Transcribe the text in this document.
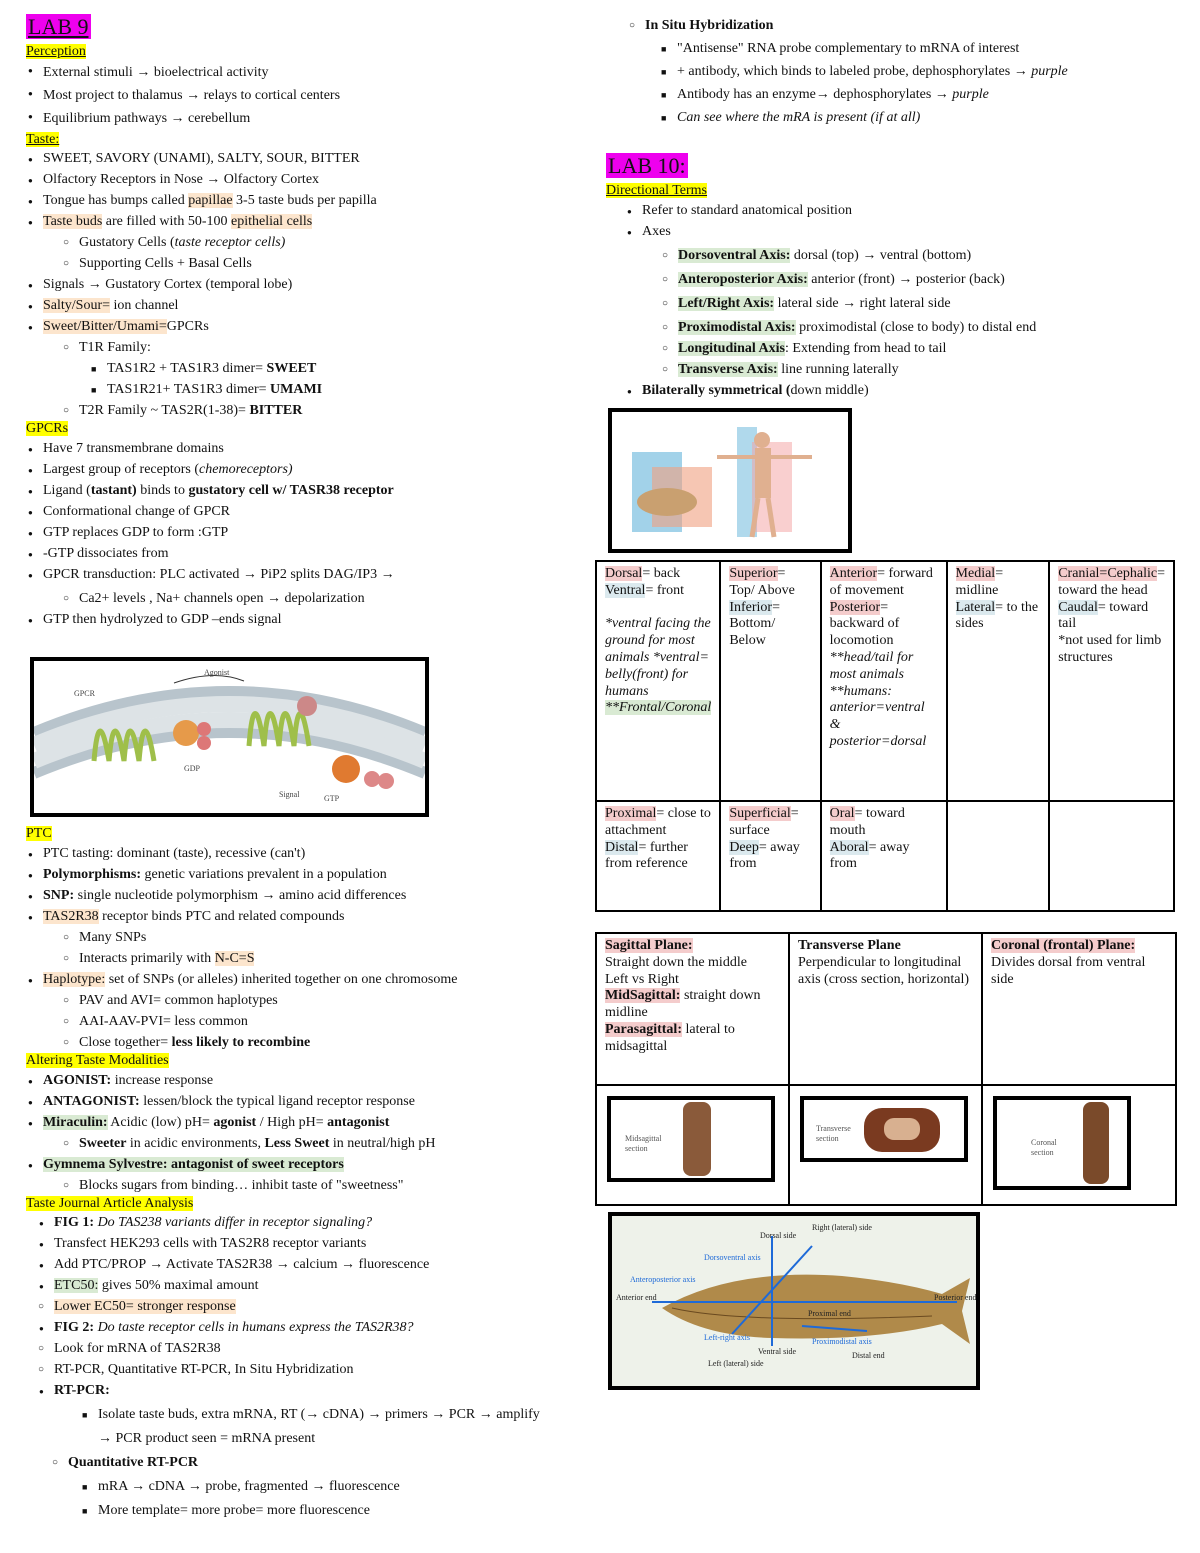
LAB 9
Perception
● External stimuli → bioelectrical activity
● Most project to thalamus → relays to cortical centers
● Equilibrium pathways → cerebellum
Taste:
● SWEET, SAVORY (UNAMI), SALTY, SOUR, BITTER
● Olfactory Receptors in Nose → Olfactory Cortex
● Tongue has bumps called papillae 3-5 taste buds per papilla
● Taste buds are filled with 50-100 epithelial cells
○ Gustatory Cells (taste receptor cells)
○ Supporting Cells + Basal Cells
● Signals → Gustatory Cortex (temporal lobe)
● Salty/Sour= ion channel
● Sweet/Bitter/Umami=GPCRs
○ T1R Family:
■ TAS1R2 + TAS1R3 dimer= SWEET
■ TAS1R21+ TAS1R3 dimer= UMAMI
○ T2R Family ~ TAS2R(1-38)= BITTER
GPCRs
● Have 7 transmembrane domains
● Largest group of receptors (chemoreceptors)
● Ligand (tastant) binds to gustatory cell w/ TASR38 receptor
● Conformational change of GPCR
● GTP replaces GDP to form :GTP
● -GTP dissociates from
● GPCR transduction: PLC activated → PiP2 splits DAG/IP3 →
○ Ca2+ levels , Na+ channels open → depolarization
● GTP then hydrolyzed to GDP –ends signal
Agonist
GPCR
GDP
Signal	GTP
PTC
● PTC tasting: dominant (taste), recessive (can't)
● Polymorphisms: genetic variations prevalent in a population
● SNP: single nucleotide polymorphism → amino acid differences
● TAS2R38 receptor binds PTC and related compounds
○ Many SNPs
○ Interacts primarily with N-C=S
● Haplotype: set of SNPs (or alleles) inherited together on one chromosome
○ PAV and AVI= common haplotypes
○ AAI-AAV-PVI= less common
○ Close together= less likely to recombine
Altering Taste Modalities
● AGONIST: increase response
● ANTAGONIST: lessen/block the typical ligand receptor response
● Miraculin: Acidic (low) pH= agonist / High pH= antagonist
○ Sweeter in acidic environments, Less Sweet in neutral/high pH
● Gymnema Sylvestre: antagonist of sweet receptors
○ Blocks sugars from binding… inhibit taste of "sweetness"
Taste Journal Article Analysis
● FIG 1: Do TAS238 variants differ in receptor signaling?
● Transfect HEK293 cells with TAS2R8 receptor variants
● Add PTC/PROP → Activate TAS2R38 → calcium → fluorescence
● ETC50: gives 50% maximal amount
○ Lower EC50= stronger response
● FIG 2: Do taste receptor cells in humans express the TAS2R38?
○ Look for mRNA of TAS2R38
○ RT-PCR, Quantitative RT-PCR, In Situ Hybridization
● RT-PCR:
■ Isolate taste buds, extra mRNA, RT (→ cDNA) → primers → PCR → amplify
→ PCR product seen = mRNA present
○ Quantitative RT-PCR
■ mRA → cDNA → probe, fragmented → fluorescence
■ More template= more probe= more fluorescence
○ In Situ Hybridization
■ "Antisense" RNA probe complementary to mRNA of interest
■ + antibody, which binds to labeled probe, dephosphorylates → purple
■ Antibody has an enzyme→ dephosphorylates → purple
■ Can see where the mRA is present (if at all)
LAB 10:
Directional Terms
● Refer to standard anatomical position
● Axes
○ Dorsoventral Axis: dorsal (top) → ventral (bottom)
○ Anteroposterior Axis: anterior (front) → posterior (back)
○ Left/Right Axis: lateral side → right lateral side
○ Proximodistal Axis: proximodistal (close to body) to distal end
○ Longitudinal Axis: Extending from head to tail
○ Transverse Axis: line running laterally
● Bilaterally symmetrical (down middle)
Dorsal= back
Ventral= front

*ventral facing the ground for most animals *ventral= belly(front) for humans
**Frontal/Coronal	Superior= Top/ Above
Inferior= Bottom/ Below	Anterior= forward of movement
Posterior= backward of locomotion
**head/tail for most animals **humans: anterior=ventral & posterior=dorsal	Medial= midline
Lateral= to the sides	Cranial=Cephalic= toward the head
Caudal= toward tail
*not used for limb structures
Proximal= close to attachment
Distal= further from reference	Superficial= surface
Deep= away from	Oral= toward mouth
Aboral= away from		
Sagittal Plane:
Straight down the middle
Left vs Right
MidSagittal: straight down midline
Parasagittal: lateral to midsagittal	Transverse Plane
Perpendicular to longitudinal axis (cross section, horizontal)	Coronal (frontal) Plane:
Divides dorsal from ventral side

Midsagittal section	Transverse section	Coronal section
Dorsoventral axis
Anteroposterior axis
Left-right axis	Proximodistal axis
Dorsal side
Right (lateral) side
Anterior end	Posterior end
Proximal end
Ventral side	Distal end
Left (lateral) side
